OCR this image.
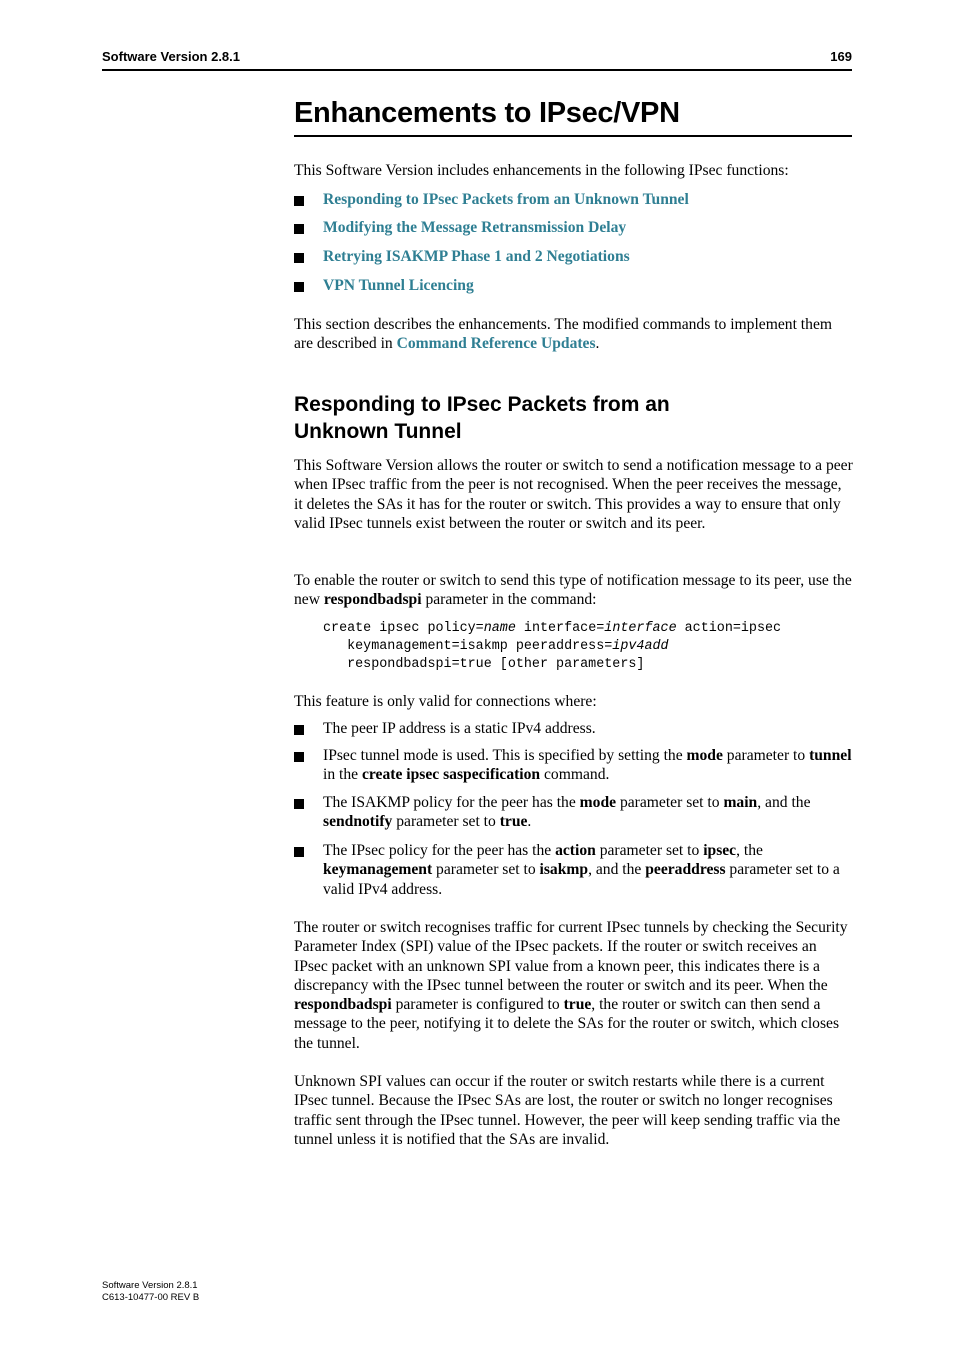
Software Version 2.8.1	169
Enhancements to IPsec/VPN

This Software Version includes enhancements in the following IPsec functions:

Responding to IPsec Packets from an Unknown Tunnel

Modifying the Message Retransmission Delay

Retrying ISAKMP Phase 1 and 2 Negotiations

VPN Tunnel Licencing

This section describes the enhancements. The modified commands to implement them are described in Command Reference Updates.

Responding to IPsec Packets from an
Unknown Tunnel

This Software Version allows the router or switch to send a notification message to a peer when IPsec traffic from the peer is not recognised. When the peer receives the message, it deletes the SAs it has for the router or switch. This provides a way to ensure that only valid IPsec tunnels exist between the router or switch and its peer.

To enable the router or switch to send this type of notification message to its peer, use the new respondbadspi parameter in the command:

create ipsec policy=name interface=interface action=ipsec
keymanagement=isakmp peeraddress=ipv4add
respondbadspi=true [other parameters]

This feature is only valid for connections where:

The peer IP address is a static IPv4 address.

IPsec tunnel mode is used. This is specified by setting the mode parameter to tunnel in the create ipsec saspecification command.

The ISAKMP policy for the peer has the mode parameter set to main, and the sendnotify parameter set to true.

The IPsec policy for the peer has the action parameter set to ipsec, the keymanagement parameter set to isakmp, and the peeraddress parameter set to a valid IPv4 address.

The router or switch recognises traffic for current IPsec tunnels by checking the Security Parameter Index (SPI) value of the IPsec packets. If the router or switch receives an IPsec packet with an unknown SPI value from a known peer, this indicates there is a discrepancy with the IPsec tunnel between the router or switch and its peer. When the respondbadspi parameter is configured to true, the router or switch can then send a message to the peer, notifying it to delete the SAs for the router or switch, which closes the tunnel.

Unknown SPI values can occur if the router or switch restarts while there is a current IPsec tunnel. Because the IPsec SAs are lost, the router or switch no longer recognises traffic sent through the IPsec tunnel. However, the peer will keep sending traffic via the tunnel unless it is notified that the SAs are invalid.

Software Version 2.8.1
C613-10477-00 REV B
